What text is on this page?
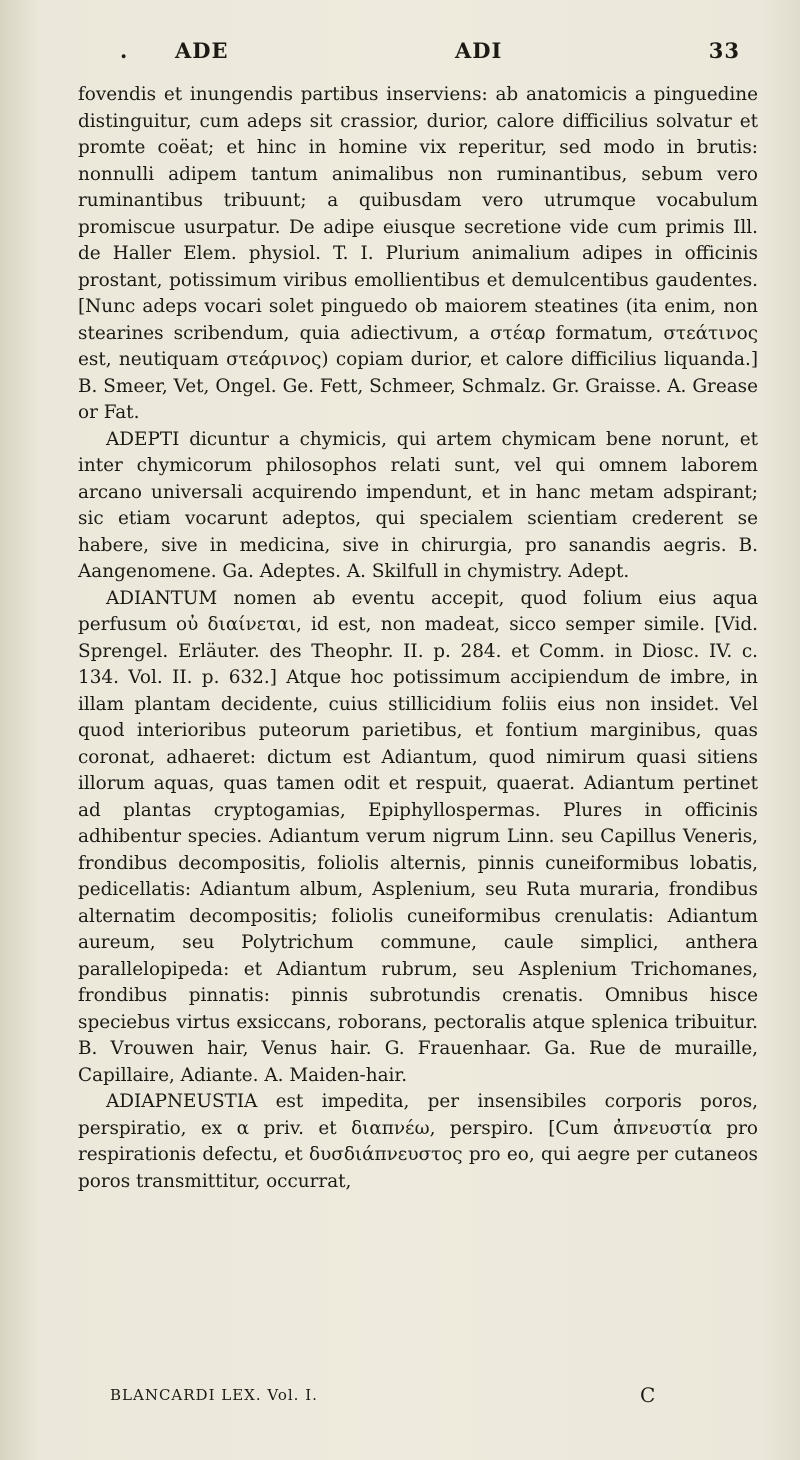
. ADE	ADI	33

fovendis et inungendis partibus inserviens: ab anatomicis a pinguedine distinguitur, cum adeps sit crassior, durior, calore difficilius solvatur et promte coëat; et hinc in homine vix reperitur, sed modo in brutis: nonnulli adipem tantum animalibus non ruminantibus, sebum vero ruminantibus tribuunt; a quibusdam vero utrumque vocabulum promiscue usurpatur. De adipe eiusque secretione vide cum primis Ill. de Haller Elem. physiol. T. I. Plurium animalium adipes in officinis prostant, potissimum viribus emollientibus et demulcentibus gaudentes. [Nunc adeps vocari solet pinguedo ob maiorem steatines (ita enim, non stearines scribendum, quia adiectivum, a στέαρ formatum, στεάτινος est, neutiquam στεάρινος) copiam durior, et calore difficilius liquanda.] B. Smeer, Vet, Ongel. Ge. Fett, Schmeer, Schmalz. Gr. Graisse. A. Grease or Fat.

ADEPTI dicuntur a chymicis, qui artem chymicam bene norunt, et inter chymicorum philosophos relati sunt, vel qui omnem laborem arcano universali acquirendo impendunt, et in hanc metam adspirant; sic etiam vocarunt adeptos, qui specialem scientiam crederent se habere, sive in medicina, sive in chirurgia, pro sanandis aegris. B. Aangenomene. Ga. Adeptes. A. Skilfull in chymistry. Adept.

ADIANTUM nomen ab eventu accepit, quod folium eius aqua perfusum οὐ διαίνεται, id est, non madeat, sicco semper simile. [Vid. Sprengel. Erläuter. des Theophr. II. p. 284. et Comm. in Diosc. IV. c. 134. Vol. II. p. 632.] Atque hoc potissimum accipiendum de imbre, in illam plantam decidente, cuius stillicidium foliis eius non insidet. Vel quod interioribus puteorum parietibus, et fontium marginibus, quas coronat, adhaeret: dictum est Adiantum, quod nimirum quasi sitiens illorum aquas, quas tamen odit et respuit, quaerat. Adiantum pertinet ad plantas cryptogamias, Epiphyllospermas. Plures in officinis adhibentur species. Adiantum verum nigrum Linn. seu Capillus Veneris, frondibus decompositis, foliolis alternis, pinnis cuneiformibus lobatis, pedicellatis: Adiantum album, Asplenium, seu Ruta muraria, frondibus alternatim decompositis; foliolis cuneiformibus crenulatis: Adiantum aureum, seu Polytrichum commune, caule simplici, anthera parallelopipeda: et Adiantum rubrum, seu Asplenium Trichomanes, frondibus pinnatis: pinnis subrotundis crenatis. Omnibus hisce speciebus virtus exsiccans, roborans, pectoralis atque splenica tribuitur. B. Vrouwen hair, Venus hair. G. Frauenhaar. Ga. Rue de muraille, Capillaire, Adiante. A. Maiden-hair.

ADIAPNEUSTIA est impedita, per insensibiles corporis poros, perspiratio, ex α priv. et διαπνέω, perspiro. [Cum ἀπνευστία pro respirationis defectu, et δυσδιάπνευστος pro eo, qui aegre per cutaneos poros transmittitur, occurrat,

BLANCARDI LEX. Vol. I.	C
